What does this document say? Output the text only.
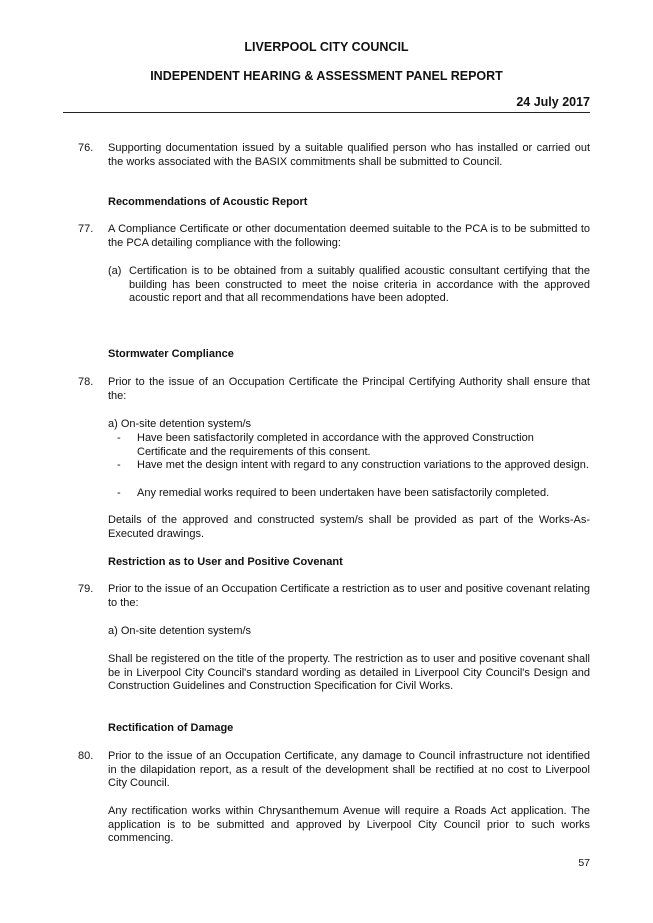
LIVERPOOL CITY COUNCIL
INDEPENDENT HEARING & ASSESSMENT PANEL REPORT
24 July 2017
76. Supporting documentation issued by a suitable qualified person who has installed or carried out the works associated with the BASIX commitments shall be submitted to Council.
Recommendations of Acoustic Report
77. A Compliance Certificate or other documentation deemed suitable to the PCA is to be submitted to the PCA detailing compliance with the following:
(a) Certification is to be obtained from a suitably qualified acoustic consultant certifying that the building has been constructed to meet the noise criteria in accordance with the approved acoustic report and that all recommendations have been adopted.
Stormwater Compliance
78. Prior to the issue of an Occupation Certificate the Principal Certifying Authority shall ensure that the:
a) On-site detention system/s
- Have been satisfactorily completed in accordance with the approved Construction Certificate and the requirements of this consent.
- Have met the design intent with regard to any construction variations to the approved design.
- Any remedial works required to been undertaken have been satisfactorily completed.
Details of the approved and constructed system/s shall be provided as part of the Works-As-Executed drawings.
Restriction as to User and Positive Covenant
79. Prior to the issue of an Occupation Certificate a restriction as to user and positive covenant relating to the:
a) On-site detention system/s
Shall be registered on the title of the property. The restriction as to user and positive covenant shall be in Liverpool City Council's standard wording as detailed in Liverpool City Council's Design and Construction Guidelines and Construction Specification for Civil Works.
Rectification of Damage
80. Prior to the issue of an Occupation Certificate, any damage to Council infrastructure not identified in the dilapidation report, as a result of the development shall be rectified at no cost to Liverpool City Council.
Any rectification works within Chrysanthemum Avenue will require a Roads Act application. The application is to be submitted and approved by Liverpool City Council prior to such works commencing.
57
